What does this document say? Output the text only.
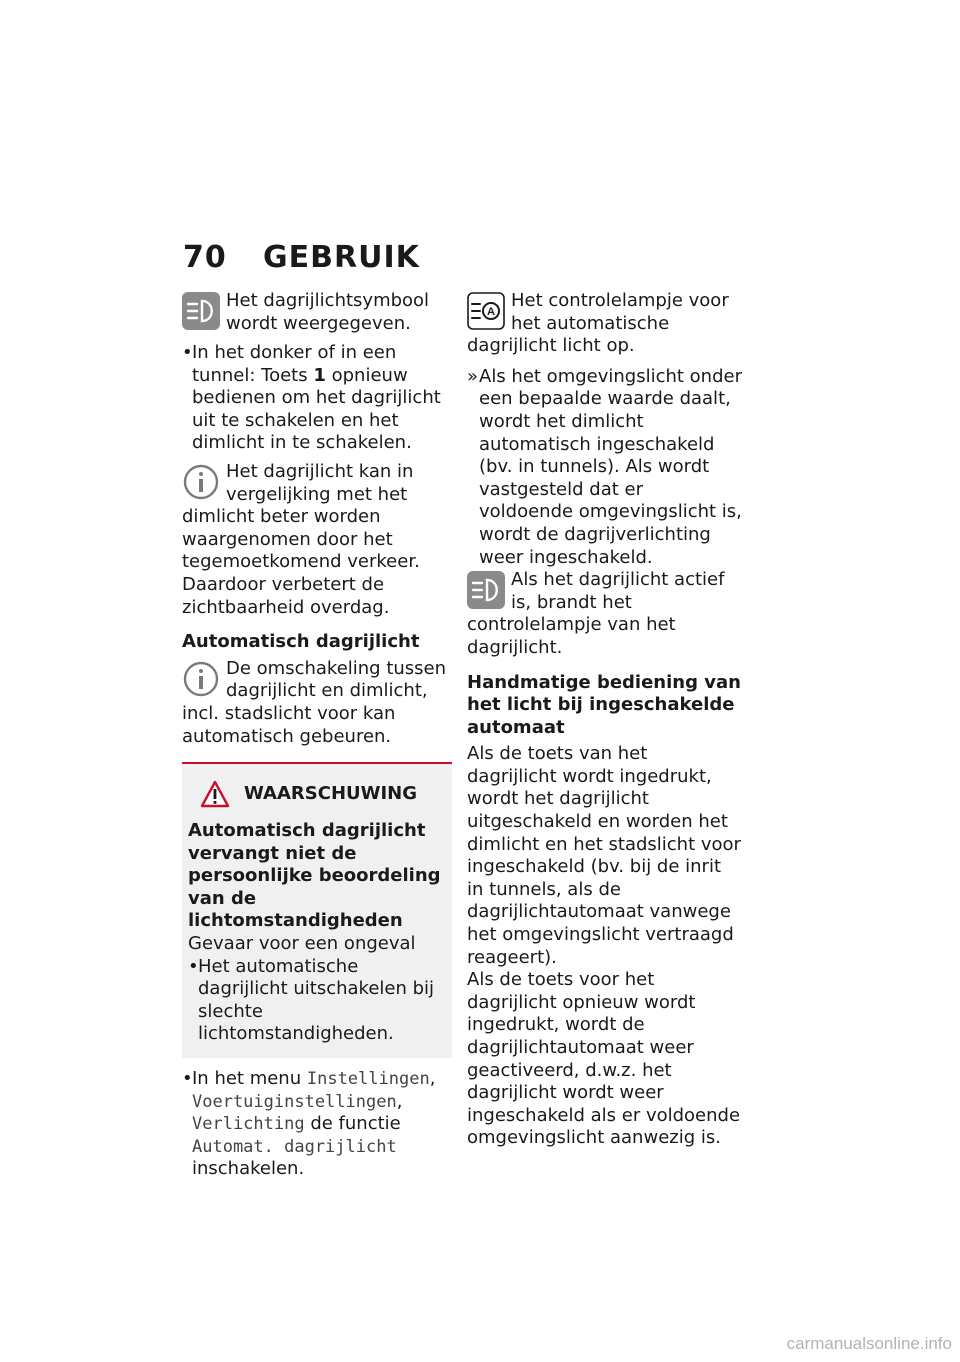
70 GEBRUIK

Het dagrijlichtsymbool wordt weergegeven.

• In het donker of in een tunnel: Toets 1 opnieuw bedienen om het dagrijlicht uit te schakelen en het dimlicht in te schakelen.

Het dagrijlicht kan in vergelijking met het dimlicht beter worden waargenomen door het tegemoetkomend verkeer. Daardoor verbetert de zichtbaarheid overdag.

Automatisch dagrijlicht

De omschakeling tussen dagrijlicht en dimlicht, incl. stadslicht voor kan automatisch gebeuren.

WAARSCHUWING
Automatisch dagrijlicht vervangt niet de persoonlijke beoordeling van de lichtomstandigheden
Gevaar voor een ongeval
• Het automatische dagrijlicht uitschakelen bij slechte lichtomstandigheden.
• In het menu Instellingen, Voertuiginstellingen, Verlichting de functie Automat. dagrijlicht inschakelen.
A

Het controlelampje voor het automatische dagrijlicht licht op.

» Als het omgevingslicht onder een bepaalde waarde daalt, wordt het dimlicht automatisch ingeschakeld (bv. in tunnels). Als wordt vastgesteld dat er voldoende omgevingslicht is, wordt de dagrijverlichting weer ingeschakeld.

Als het dagrijlicht actief is, brandt het controlelampje van het dagrijlicht.

Handmatige bediening van het licht bij ingeschakelde automaat

Als de toets van het dagrijlicht wordt ingedrukt, wordt het dagrijlicht uitgeschakeld en worden het dimlicht en het stadslicht voor ingeschakeld (bv. bij de inrit in tunnels, als de dagrijlichtautomaat vanwege het omgevingslicht vertraagd reageert).

Als de toets voor het dagrijlicht opnieuw wordt ingedrukt, wordt de dagrijlichtautomaat weer geactiveerd, d.w.z. het dagrijlicht wordt weer ingeschakeld als er voldoende omgevingslicht aanwezig is.

carmanualsonline.info
